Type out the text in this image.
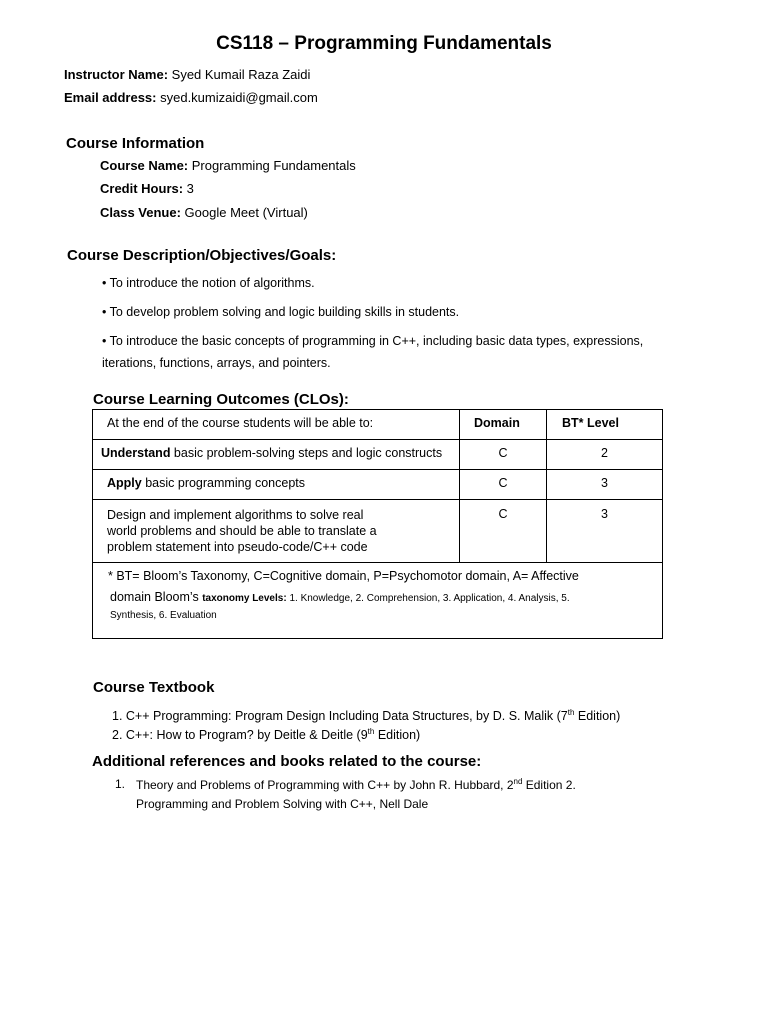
CS118 – Programming Fundamentals
Instructor Name: Syed Kumail Raza Zaidi
Email address: syed.kumizaidi@gmail.com
Course Information
Course Name: Programming Fundamentals
Credit Hours: 3
Class Venue: Google Meet (Virtual)
Course Description/Objectives/Goals:
• To introduce the notion of algorithms.
• To develop problem solving and logic building skills in students.
• To introduce the basic concepts of programming in C++, including basic data types, expressions,
iterations, functions, arrays, and pointers.
Course Learning Outcomes (CLOs):
At the end of the course students will be able to:	Domain	BT* Level

Understand basic problem-solving steps and logic constructs	C	2

Apply basic programming concepts	C	3

Design and implement algorithms to solve real
world problems and should be able to translate a
problem statement into pseudo-code/C++ code	C	3

* BT= Bloom’s Taxonomy, C=Cognitive domain, P=Psychomotor domain, A= Affective
domain Bloom’s taxonomy Levels: 1. Knowledge, 2. Comprehension, 3. Application, 4. Analysis, 5.
Synthesis, 6. Evaluation		
Course Textbook
1. C++ Programming: Program Design Including Data Structures, by D. S. Malik (7th Edition)
2. C++: How to Program? by Deitle & Deitle (9th Edition)
Additional references and books related to the course:
1. Theory and Problems of Programming with C++ by John R. Hubbard, 2nd Edition 2.
Programming and Problem Solving with C++, Nell Dale
